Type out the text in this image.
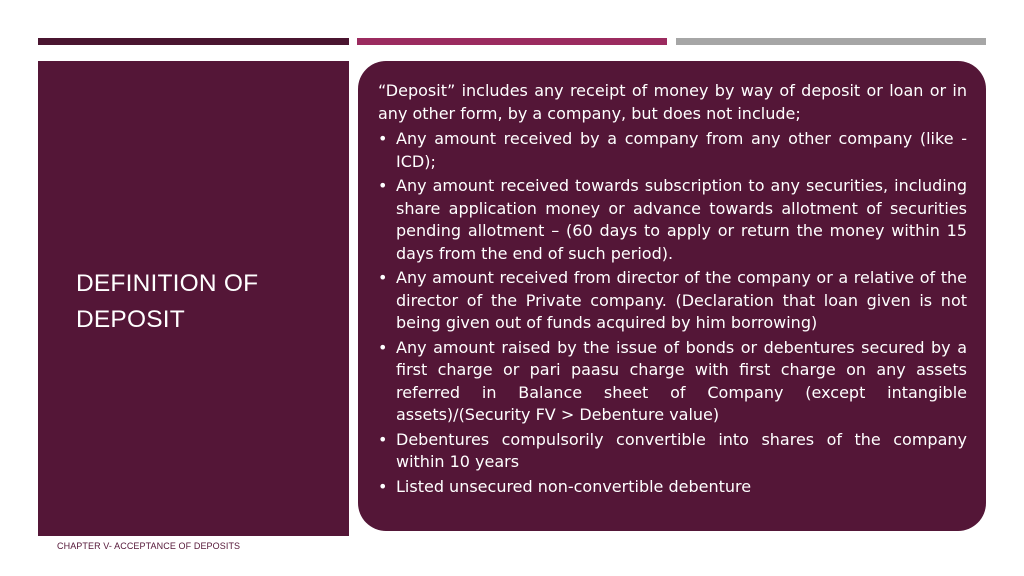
DEFINITION OF DEPOSIT

“Deposit” includes any receipt of money by way of deposit or loan or in any other form, by a company, but does not include;

• Any amount received by a company from any other company (like -ICD);
• Any amount received towards subscription to any securities, including share application money or advance towards allotment of securities pending allotment – (60 days to apply or return the money within 15 days from the end of such period).
• Any amount received from director of the company or a relative of the director of the Private company. (Declaration that loan given is not being given out of funds acquired by him borrowing)
• Any amount raised by the issue of bonds or debentures secured by a first charge or pari paasu charge with first charge on any assets referred in Balance sheet of Company (except intangible assets)/(Security FV > Debenture value)
• Debentures compulsorily convertible into shares of the company within 10 years
• Listed unsecured non-convertible debenture
CHAPTER V- ACCEPTANCE OF DEPOSITS
